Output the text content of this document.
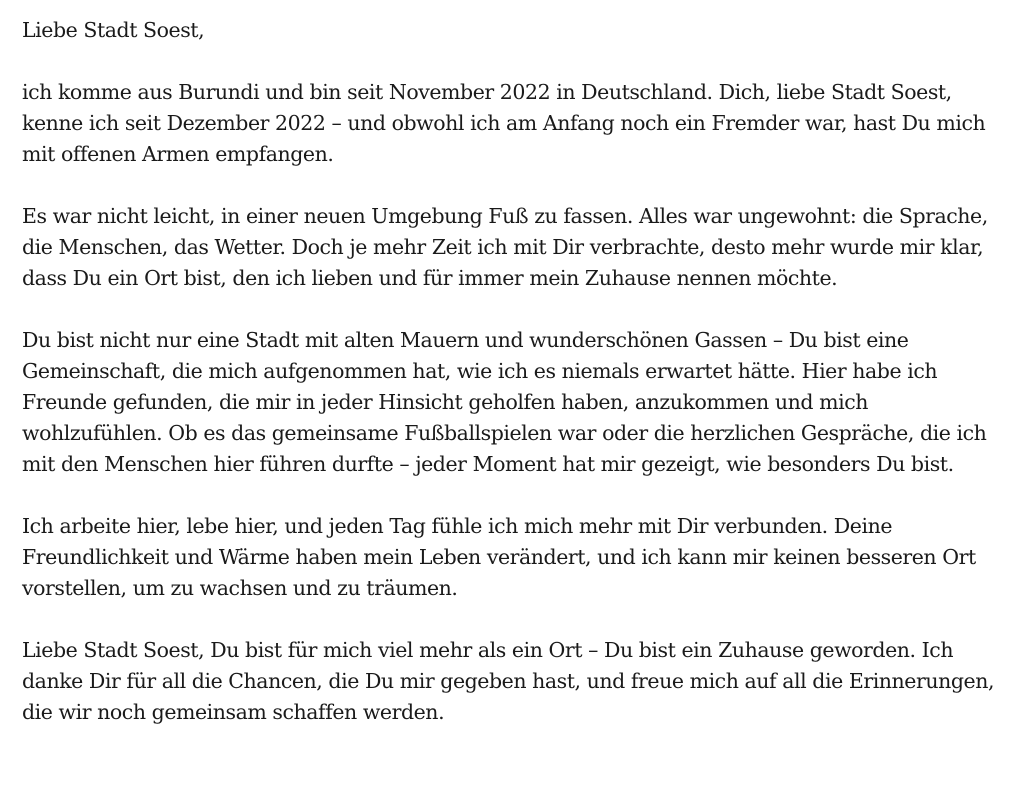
Liebe Stadt Soest,

ich komme aus Burundi und bin seit November 2022 in Deutschland. Dich, liebe Stadt Soest, kenne ich seit Dezember 2022 – und obwohl ich am Anfang noch ein Fremder war, hast Du mich mit offenen Armen empfangen.

Es war nicht leicht, in einer neuen Umgebung Fuß zu fassen. Alles war ungewohnt: die Sprache, die Menschen, das Wetter. Doch je mehr Zeit ich mit Dir verbrachte, desto mehr wurde mir klar, dass Du ein Ort bist, den ich lieben und für immer mein Zuhause nennen möchte.

Du bist nicht nur eine Stadt mit alten Mauern und wunderschönen Gassen – Du bist eine Gemeinschaft, die mich aufgenommen hat, wie ich es niemals erwartet hätte. Hier habe ich Freunde gefunden, die mir in jeder Hinsicht geholfen haben, anzukommen und mich wohlzufühlen. Ob es das gemeinsame Fußballspielen war oder die herzlichen Gespräche, die ich mit den Menschen hier führen durfte – jeder Moment hat mir gezeigt, wie besonders Du bist.

Ich arbeite hier, lebe hier, und jeden Tag fühle ich mich mehr mit Dir verbunden. Deine Freundlichkeit und Wärme haben mein Leben verändert, und ich kann mir keinen besseren Ort vorstellen, um zu wachsen und zu träumen.

Liebe Stadt Soest, Du bist für mich viel mehr als ein Ort – Du bist ein Zuhause geworden. Ich danke Dir für all die Chancen, die Du mir gegeben hast, und freue mich auf all die Erinnerungen, die wir noch gemeinsam schaffen werden.
